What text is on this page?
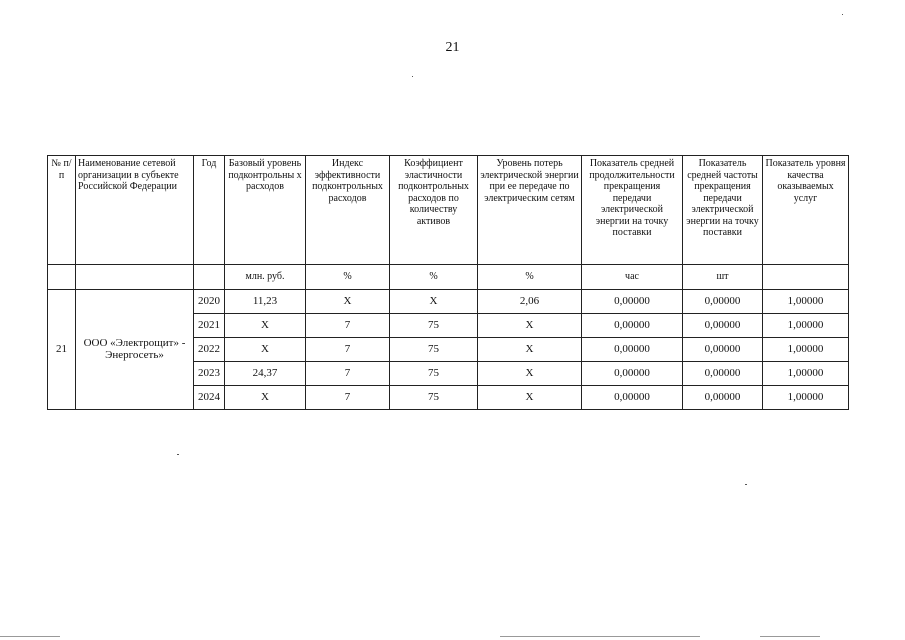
21
№ п/п	Наименование сетевой организации в субъекте Российской Федерации	Год	Базовый уровень подконтрольны х расходов	Индекс эффективности подконтрольных расходов	Коэффициент эластичности подконтрольных расходов по количеству активов	Уровень потерь электрической энергии при ее передаче по электрическим сетям	Показатель средней продолжительности прекращения передачи электрической энергии на точку поставки	Показатель средней частоты прекращения передачи электрической энергии на точку поставки	Показатель уровня качества оказываемых услуг
			млн. руб.	%	%	%	час	шт	
21	ООО «Электрощит» - Энергосеть»	2020	11,23	Х	Х	2,06	0,00000	0,00000	1,00000
		2021	Х	7	75	Х	0,00000	0,00000	1,00000
		2022	Х	7	75	Х	0,00000	0,00000	1,00000
		2023	24,37	7	75	Х	0,00000	0,00000	1,00000
		2024	Х	7	75	Х	0,00000	0,00000	1,00000
